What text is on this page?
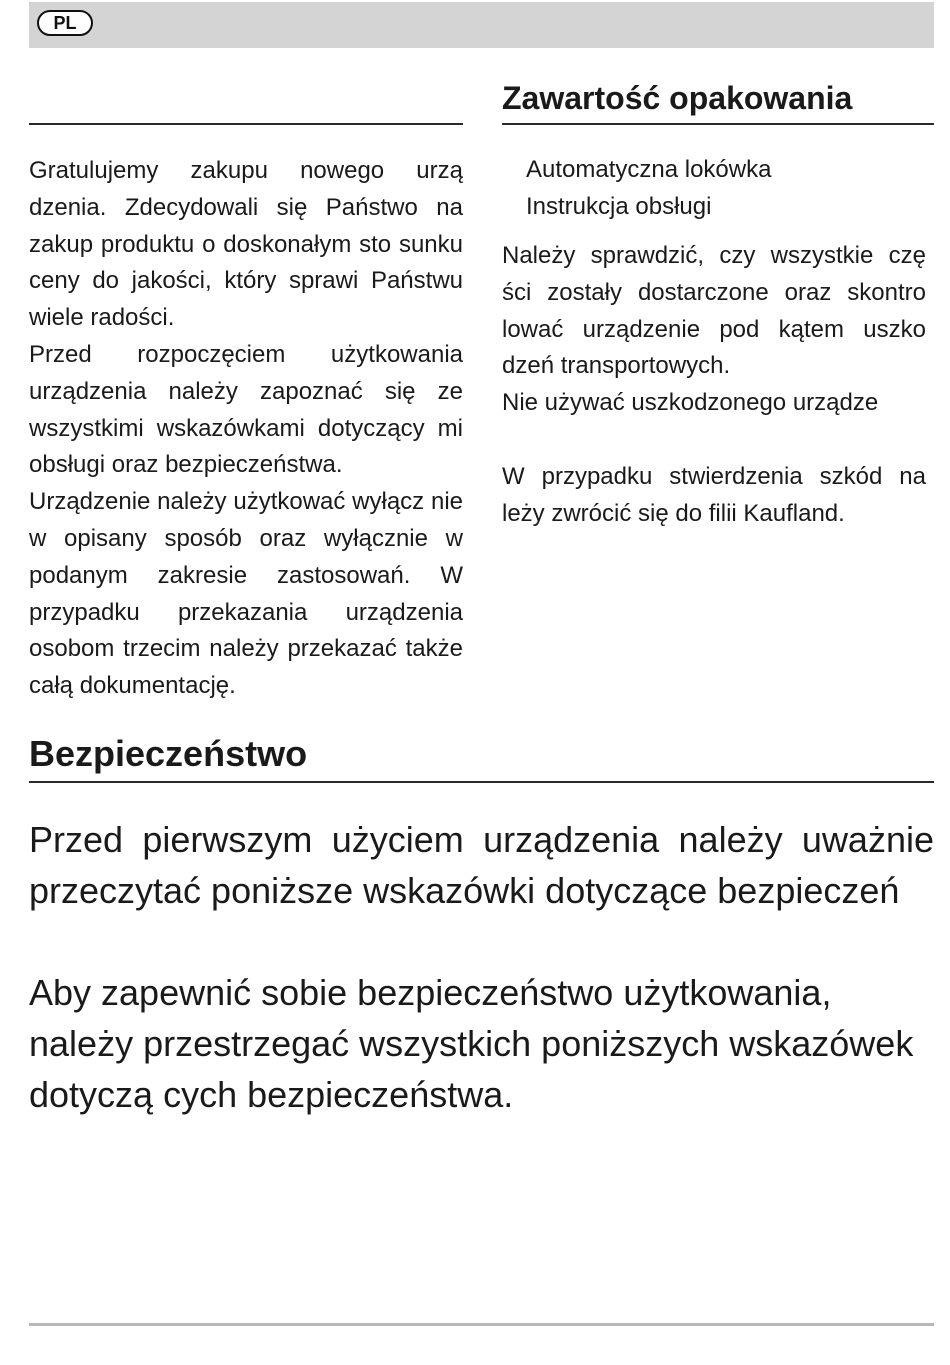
PL
Zawartość opakowania

Gratulujemy zakupu nowego urzą dzenia. Zdecydowali się Państwo na zakup produktu o doskonałym sto sunku ceny do jakości, który sprawi Państwu wiele radości.

Przed rozpoczęciem użytkowania urządzenia należy zapoznać się ze wszystkimi wskazówkami dotyczący mi obsługi oraz bezpieczeństwa.

Urządzenie należy użytkować wyłącz nie w opisany sposób oraz wyłącznie w podanym zakresie zastosowań. W przypadku przekazania urządzenia osobom trzecim należy przekazać także całą dokumentację.

Automatyczna lokówka
Instrukcja obsługi

Należy sprawdzić, czy wszystkie czę ści zostały dostarczone oraz skontro lować urządzenie pod kątem uszko dzeń transportowych.

Nie używać uszkodzonego urządze

W przypadku stwierdzenia szkód na leży zwrócić się do filii Kaufland.

Bezpieczeństwo
Przed pierwszym użyciem urządzenia należy uważnie przeczytać poniższe wskazówki dotyczące bezpieczeń
Aby zapewnić sobie bezpieczeństwo użytkowania, należy przestrzegać wszystkich poniższych wskazówek dotyczą cych bezpieczeństwa.
